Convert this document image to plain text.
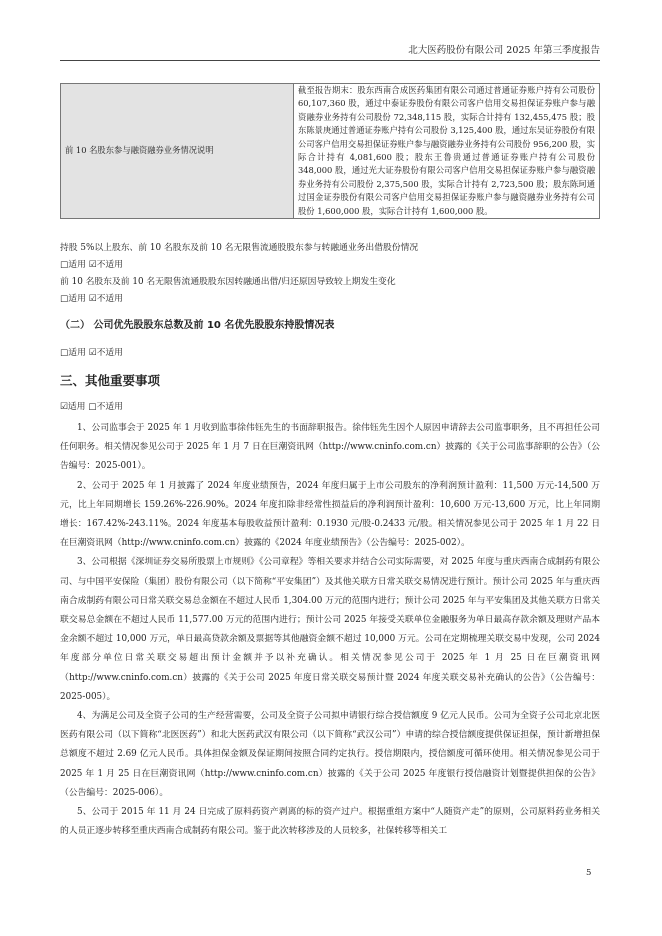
北大医药股份有限公司 2025 年第三季度报告
前 10 名股东参与融资融券业务情况说明	截至报告期末：股东西南合成医药集团有限公司通过普通证券账户持有公司股份 60,107,360 股，通过中泰证券股份有限公司客户信用交易担保证券账户参与融资融券业务持有公司股份 72,348,115 股，实际合计持有 132,455,475 股；股东陈景庚通过普通证券账户持有公司股份 3,125,400 股，通过东吴证券股份有限公司客户信用交易担保证券账户参与融资融券业务持有公司股份 956,200 股，实际合计持有 4,081,600 股；股东王鲁贵通过普通证券账户持有公司股份 348,000 股，通过光大证券股份有限公司客户信用交易担保证券账户参与融资融券业务持有公司股份 2,375,500 股，实际合计持有 2,723,500 股；股东陈珂通过国金证券股份有限公司客户信用交易担保证券账户参与融资融券业务持有公司股份 1,600,000 股，实际合计持有 1,600,000 股。
持股 5%以上股东、前 10 名股东及前 10 名无限售流通股股东参与转融通业务出借股份情况
□适用 ☑不适用
前 10 名股东及前 10 名无限售流通股股东因转融通出借/归还原因导致较上期发生变化
□适用 ☑不适用
（二） 公司优先股股东总数及前 10 名优先股股东持股情况表
□适用 ☑不适用
三、其他重要事项
☑适用 □不适用

1、公司监事会于 2025 年 1 月收到监事徐伟钰先生的书面辞职报告。徐伟钰先生因个人原因申请辞去公司监事职务，且不再担任公司任何职务。相关情况参见公司于 2025 年 1 月 7 日在巨潮资讯网（http://www.cninfo.com.cn）披露的《关于公司监事辞职的公告》（公告编号：2025-001）。

2、公司于 2025 年 1 月披露了 2024 年度业绩预告，2024 年度归属于上市公司股东的净利润预计盈利：11,500 万元-14,500 万元，比上年同期增长 159.26%-226.90%。2024 年度扣除非经常性损益后的净利润预计盈利：10,600 万元-13,600 万元，比上年同期增长：167.42%-243.11%。2024 年度基本每股收益预计盈利：0.1930 元/股-0.2433 元/股。相关情况参见公司于 2025 年 1 月 22 日在巨潮资讯网（http://www.cninfo.com.cn）披露的《2024 年度业绩预告》（公告编号：2025-002）。

3、公司根据《深圳证券交易所股票上市规则》《公司章程》等相关要求并结合公司实际需要，对 2025 年度与重庆西南合成制药有限公司、与中国平安保险（集团）股份有限公司（以下简称“平安集团”）及其他关联方日常关联交易情况进行预计。预计公司 2025 年与重庆西南合成制药有限公司日常关联交易总金额在不超过人民币 1,304.00 万元的范围内进行；预计公司 2025 年与平安集团及其他关联方日常关联交易总金额在不超过人民币 11,577.00 万元的范围内进行；预计公司 2025 年接受关联单位金融服务为单日最高存款余额及理财产品本金余额不超过 10,000 万元，单日最高贷款余额及票据等其他融资金额不超过 10,000 万元。公司在定期梳理关联交易中发现，公司 2024 年度部分单位日常关联交易超出预计金额并予以补充确认。相关情况参见公司于 2025 年 1 月 25 日在巨潮资讯网（http://www.cninfo.com.cn）披露的《关于公司 2025 年度日常关联交易预计暨 2024 年度关联交易补充确认的公告》（公告编号：2025-005）。

4、为满足公司及全资子公司的生产经营需要，公司及全资子公司拟申请银行综合授信额度 9 亿元人民币。公司为全资子公司北京北医医药有限公司（以下简称“北医医药”）和北大医药武汉有限公司（以下简称“武汉公司”）申请的综合授信额度提供保证担保，预计新增担保总额度不超过 2.69 亿元人民币。具体担保金额及保证期间按照合同约定执行。授信期限内，授信额度可循环使用。相关情况参见公司于 2025 年 1 月 25 日在巨潮资讯网（http://www.cninfo.com.cn）披露的《关于公司 2025 年度银行授信融资计划暨提供担保的公告》（公告编号：2025-006）。

5、公司于 2015 年 11 月 24 日完成了原料药资产剥离的标的资产过户。根据重组方案中“人随资产走”的原则，公司原料药业务相关的人员正逐步转移至重庆西南合成制药有限公司。鉴于此次转移涉及的人员较多，社保转移等相关工

5
